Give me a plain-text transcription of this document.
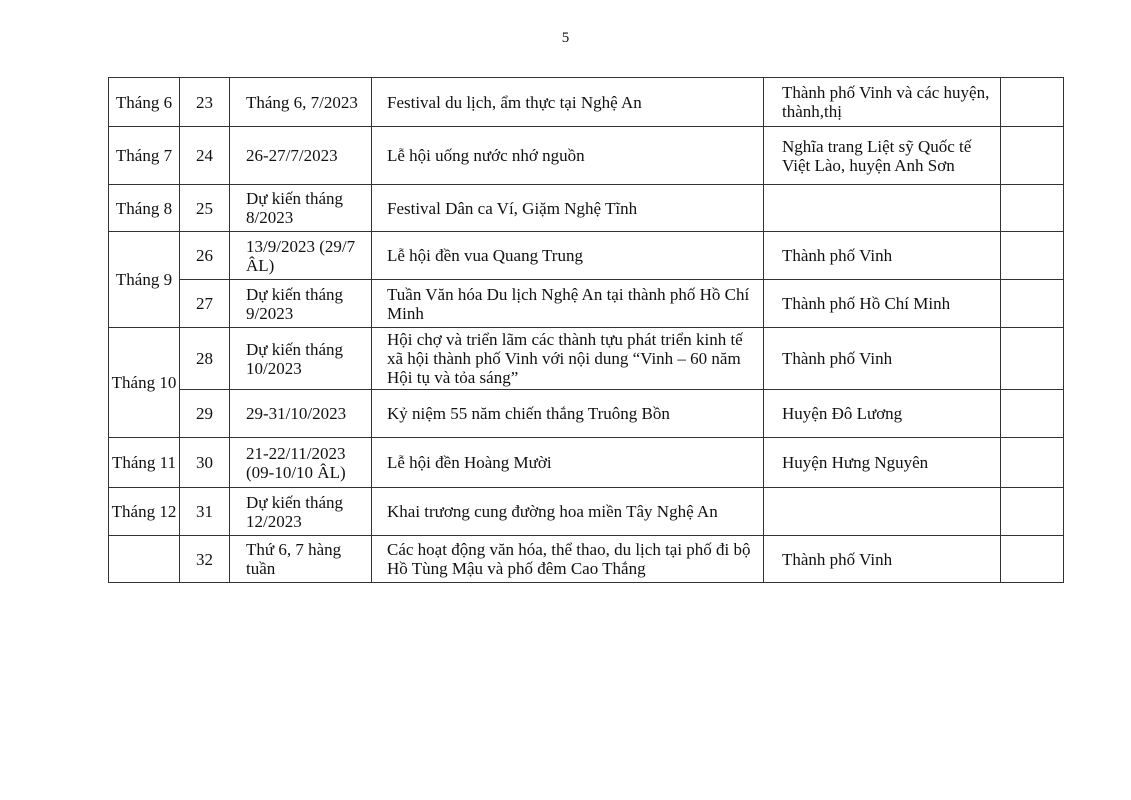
5
Tháng 6	23	Tháng 6, 7/2023	Festival du lịch, ẩm thực tại Nghệ An	Thành phố Vinh và các huyện, thành,thị	
Tháng 7	24	26-27/7/2023	Lễ hội uống nước nhớ nguồn	Nghĩa trang Liệt sỹ Quốc tế Việt Lào, huyện Anh Sơn	
Tháng 8	25	Dự kiến tháng 8/2023	Festival Dân ca Ví, Giặm Nghệ Tĩnh		
Tháng 9	26	13/9/2023 (29/7 ÂL)	Lễ hội đền vua Quang Trung	Thành phố Vinh	
	27	Dự kiến tháng 9/2023	Tuần Văn hóa Du lịch Nghệ An tại thành phố Hồ Chí Minh	Thành phố Hồ Chí Minh	
Tháng 10	28	Dự kiến tháng 10/2023	Hội chợ và triển lãm các thành tựu phát triển kinh tế xã hội thành phố Vinh với nội dung “Vinh – 60 năm Hội tụ và tỏa sáng”	Thành phố Vinh	
	29	29-31/10/2023	Kỷ niệm 55 năm chiến thắng Truông Bồn	Huyện Đô Lương	
Tháng 11	30	21-22/11/2023 (09-10/10 ÂL)	Lễ hội đền Hoàng Mười	Huyện Hưng Nguyên	
Tháng 12	31	Dự kiến tháng 12/2023	Khai trương cung đường hoa miền Tây Nghệ An		
	32	Thứ 6, 7 hàng tuần	Các hoạt động văn hóa, thể thao, du lịch tại phố đi bộ Hồ Tùng Mậu và phố đêm Cao Thắng	Thành phố Vinh	
